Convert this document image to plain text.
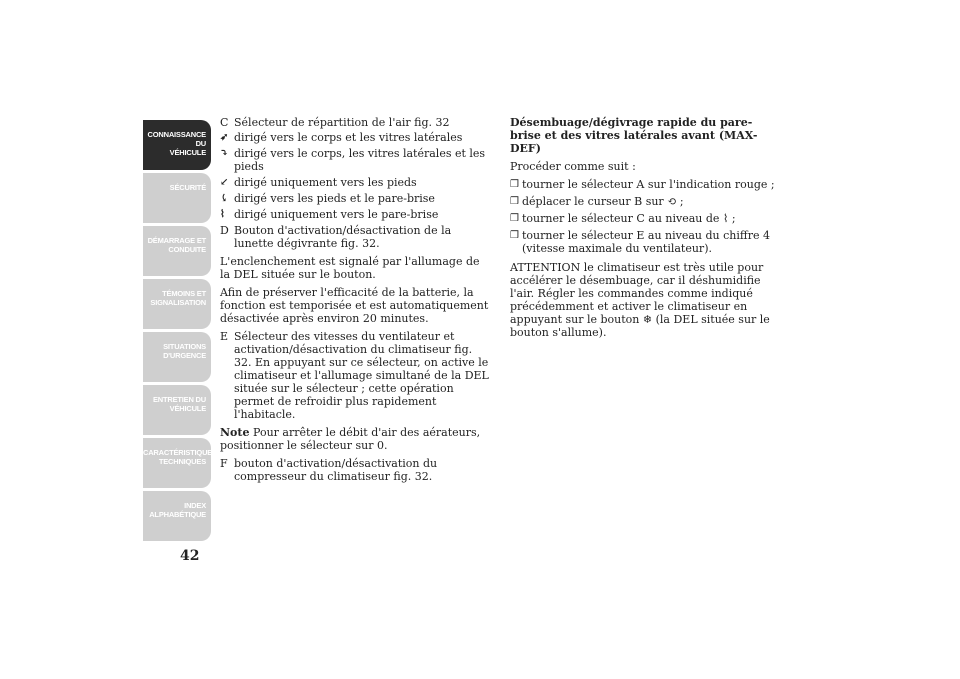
CONNAISSANCE DU
VÉHICULE
SÉCURITÉ
DÉMARRAGE ET
CONDUITE
TÉMOINS ET
SIGNALISATION
SITUATIONS
D'URGENCE
ENTRETIEN DU
VÉHICULE
CARACTÉRISTIQUES
TECHNIQUES
INDEX
ALPHABÉTIQUE
42
C Sélecteur de répartition de l'air fig. 32
➶ dirigé vers le corps et les vitres latérales
⤵ dirigé vers le corps, les vitres latérales et les pieds
↙ dirigé uniquement vers les pieds
⤹ dirigé vers les pieds et le pare-brise
⌇ dirigé uniquement vers le pare-brise
D Bouton d'activation/désactivation de la lunette dégivrante fig. 32.

L'enclenchement est signalé par l'allumage de la DEL située sur le bouton.

Afin de préserver l'efficacité de la batterie, la fonction est temporisée et est automatiquement désactivée après environ 20 minutes.

E Sélecteur des vitesses du ventilateur et activation/désactivation du climatiseur fig. 32. En appuyant sur ce sélecteur, on active le climatiseur et l'allumage simultané de la DEL située sur le sélecteur ; cette opération permet de refroidir plus rapidement l'habitacle.

Note Pour arrêter le débit d'air des aérateurs, positionner le sélecteur sur 0.

F bouton d'activation/désactivation du compresseur du climatiseur fig. 32.

Désembuage/dégivrage rapide du pare-brise et des vitres latérales avant (MAX-DEF)

Procéder comme suit :

❒ tourner le sélecteur A sur l'indication rouge ;
❒ déplacer le curseur B sur ⟲ ;
❒ tourner le sélecteur C au niveau de ⌇ ;
❒ tourner le sélecteur E au niveau du chiffre 4 (vitesse maximale du ventilateur).

ATTENTION le climatiseur est très utile pour accélérer le désembuage, car il déshumidifie l'air. Régler les commandes comme indiqué précédemment et activer le climatiseur en appuyant sur le bouton ❄ (la DEL située sur le bouton s'allume).
